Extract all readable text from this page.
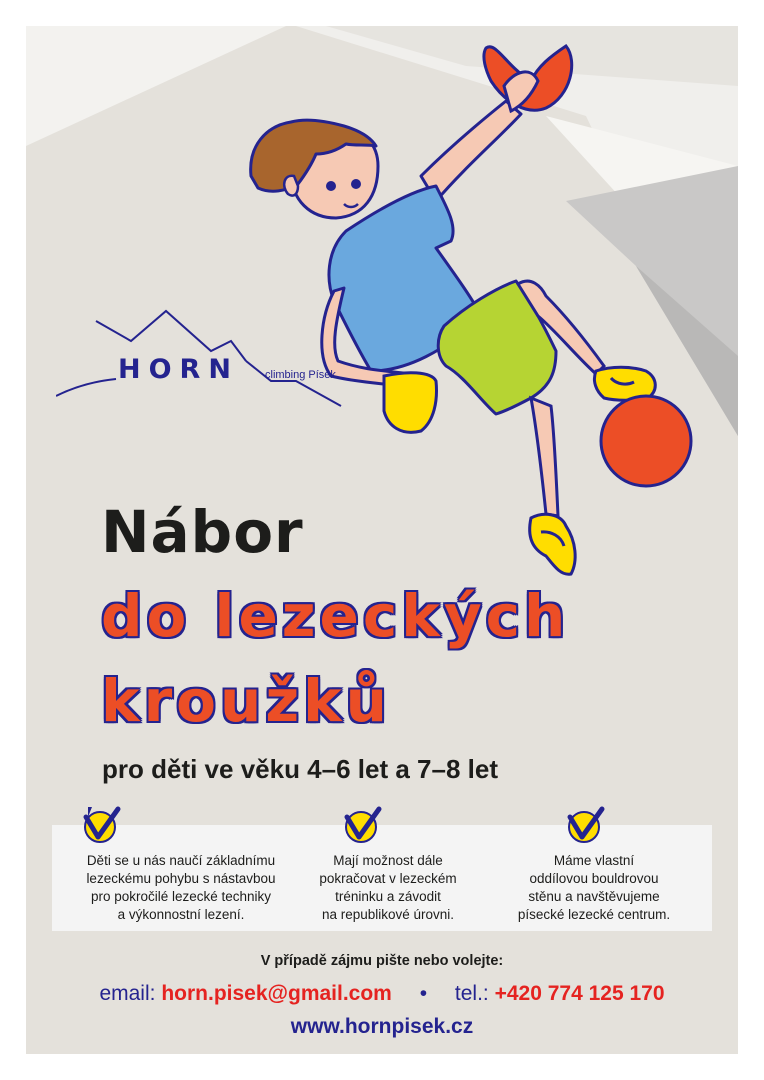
HORN climbing Písek
Nábor
do lezeckých
kroužků
pro děti ve věku 4–6 let a 7–8 let
Děti se u nás naučí základnímu
lezeckému pohybu s nástavbou
pro pokročilé lezecké techniky
a výkonnostní lezení.
Mají možnost dále
pokračovat v lezeckém
tréninku a závodit
na republikové úrovni.
Máme vlastní
oddílovou bouldrovou
stěnu a navštěvujeme
písecké lezecké centrum.
V případě zájmu pište nebo volejte:
email: horn.pisek@gmail.com • tel.: +420 774 125 170
www.hornpisek.cz
